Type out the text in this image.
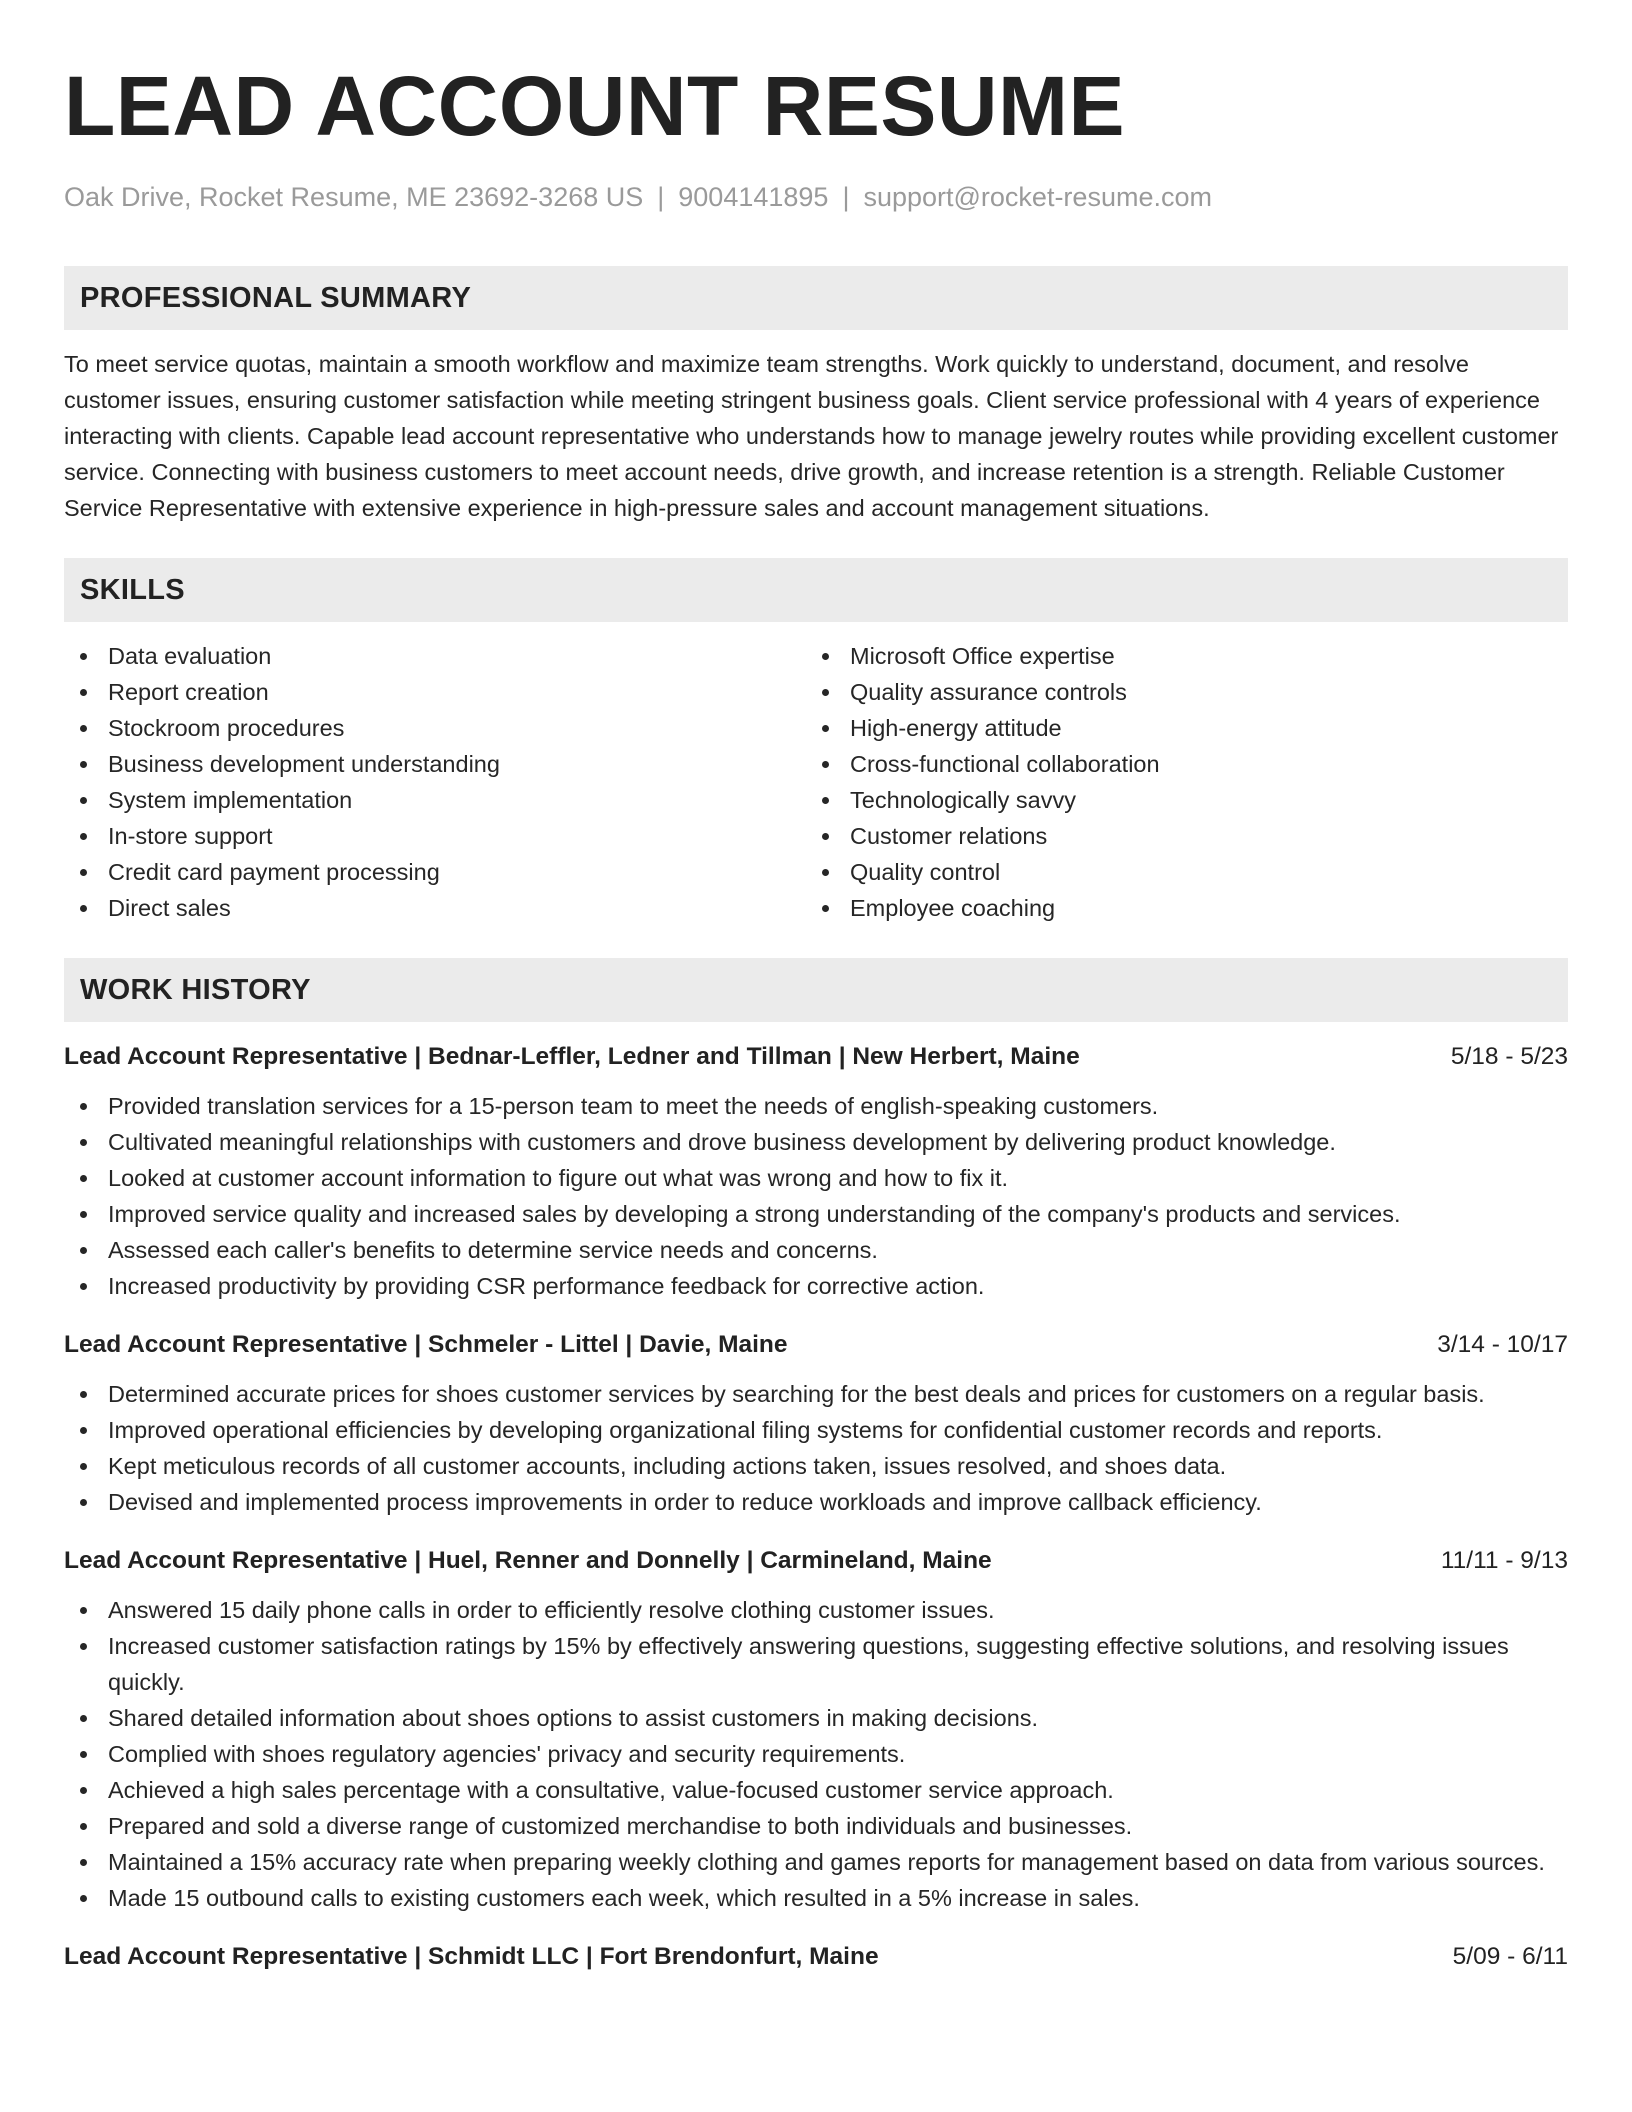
LEAD ACCOUNT RESUME
Oak Drive, Rocket Resume, ME 23692-3268 US | 9004141895 | support@rocket-resume.com
PROFESSIONAL SUMMARY

To meet service quotas, maintain a smooth workflow and maximize team strengths. Work quickly to understand, document, and resolve customer issues, ensuring customer satisfaction while meeting stringent business goals. Client service professional with 4 years of experience interacting with clients. Capable lead account representative who understands how to manage jewelry routes while providing excellent customer service. Connecting with business customers to meet account needs, drive growth, and increase retention is a strength. Reliable Customer Service Representative with extensive experience in high-pressure sales and account management situations.

SKILLS
Data evaluation
Report creation
Stockroom procedures
Business development understanding
System implementation
In-store support
Credit card payment processing
Direct sales
Microsoft Office expertise
Quality assurance controls
High-energy attitude
Cross-functional collaboration
Technologically savvy
Customer relations
Quality control
Employee coaching
WORK HISTORY
Lead Account Representative | Bednar-Leffler, Ledner and Tillman | New Herbert, Maine	5/18 - 5/23
Provided translation services for a 15-person team to meet the needs of english-speaking customers.
Cultivated meaningful relationships with customers and drove business development by delivering product knowledge.
Looked at customer account information to figure out what was wrong and how to fix it.
Improved service quality and increased sales by developing a strong understanding of the company's products and services.
Assessed each caller's benefits to determine service needs and concerns.
Increased productivity by providing CSR performance feedback for corrective action.
Lead Account Representative | Schmeler - Littel | Davie, Maine	3/14 - 10/17
Determined accurate prices for shoes customer services by searching for the best deals and prices for customers on a regular basis.
Improved operational efficiencies by developing organizational filing systems for confidential customer records and reports.
Kept meticulous records of all customer accounts, including actions taken, issues resolved, and shoes data.
Devised and implemented process improvements in order to reduce workloads and improve callback efficiency.
Lead Account Representative | Huel, Renner and Donnelly | Carmineland, Maine	11/11 - 9/13
Answered 15 daily phone calls in order to efficiently resolve clothing customer issues.
Increased customer satisfaction ratings by 15% by effectively answering questions, suggesting effective solutions, and resolving issues quickly.
Shared detailed information about shoes options to assist customers in making decisions.
Complied with shoes regulatory agencies' privacy and security requirements.
Achieved a high sales percentage with a consultative, value-focused customer service approach.
Prepared and sold a diverse range of customized merchandise to both individuals and businesses.
Maintained a 15% accuracy rate when preparing weekly clothing and games reports for management based on data from various sources.
Made 15 outbound calls to existing customers each week, which resulted in a 5% increase in sales.
Lead Account Representative | Schmidt LLC | Fort Brendonfurt, Maine	5/09 - 6/11
